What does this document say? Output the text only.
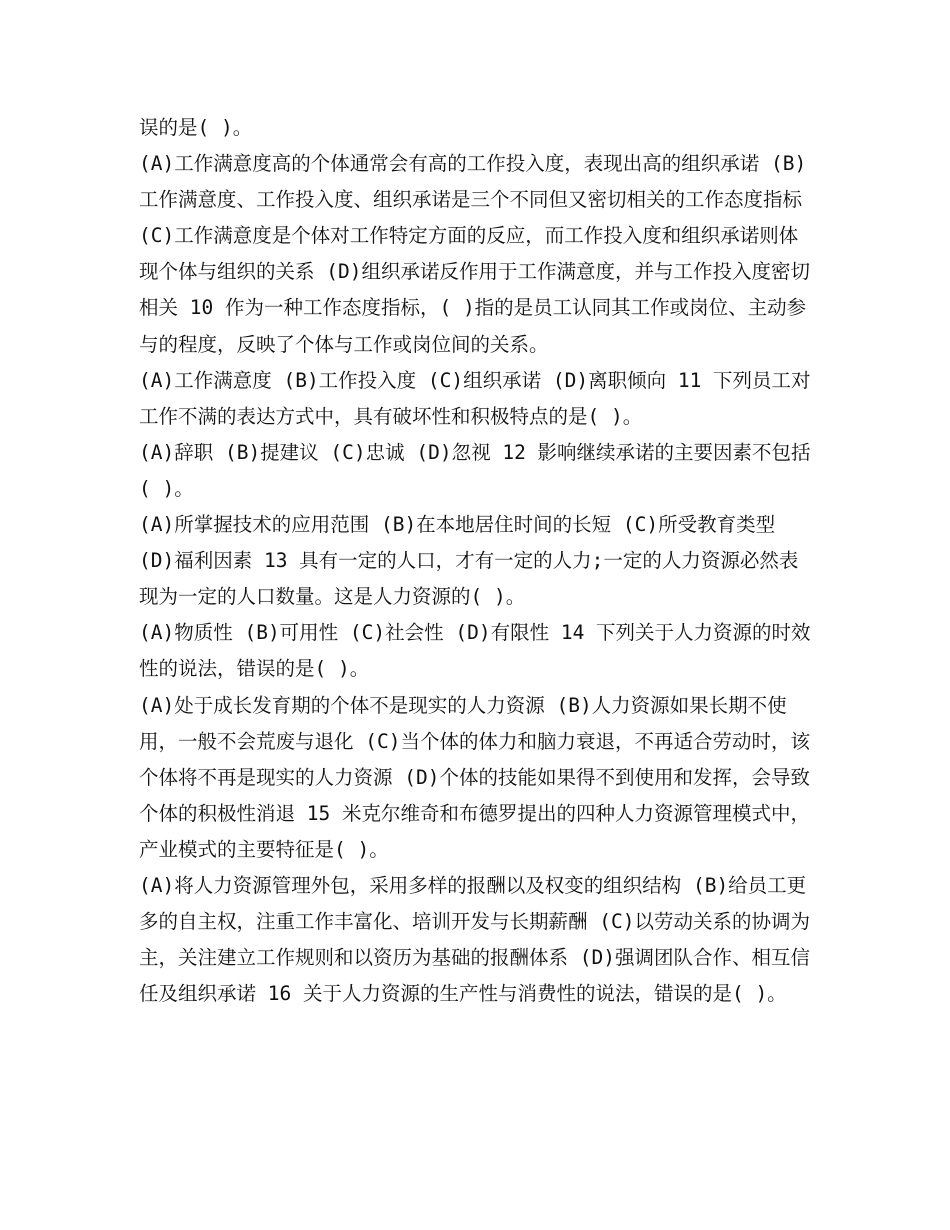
误的是( )。

(A)工作满意度高的个体通常会有高的工作投入度，表现出高的组织承诺 (B)工作满意度、工作投入度、组织承诺是三个不同但又密切相关的工作态度指标 (C)工作满意度是个体对工作特定方面的反应，而工作投入度和组织承诺则体现个体与组织的关系 (D)组织承诺反作用于工作满意度，并与工作投入度密切相关 10 作为一种工作态度指标，( )指的是员工认同其工作或岗位、主动参与的程度，反映了个体与工作或岗位间的关系。

(A)工作满意度 (B)工作投入度 (C)组织承诺 (D)离职倾向 11 下列员工对工作不满的表达方式中，具有破坏性和积极特点的是( )。

(A)辞职 (B)提建议 (C)忠诚 (D)忽视 12 影响继续承诺的主要因素不包括( )。

(A)所掌握技术的应用范围 (B)在本地居住时间的长短 (C)所受教育类型 (D)福利因素 13 具有一定的人口，才有一定的人力;一定的人力资源必然表现为一定的人口数量。这是人力资源的( )。

(A)物质性 (B)可用性 (C)社会性 (D)有限性 14 下列关于人力资源的时效性的说法，错误的是( )。

(A)处于成长发育期的个体不是现实的人力资源 (B)人力资源如果长期不使用，一般不会荒废与退化 (C)当个体的体力和脑力衰退，不再适合劳动时，该个体将不再是现实的人力资源 (D)个体的技能如果得不到使用和发挥，会导致个体的积极性消退 15 米克尔维奇和布德罗提出的四种人力资源管理模式中，产业模式的主要特征是( )。

(A)将人力资源管理外包，采用多样的报酬以及权变的组织结构 (B)给员工更多的自主权，注重工作丰富化、培训开发与长期薪酬 (C)以劳动关系的协调为主，关注建立工作规则和以资历为基础的报酬体系 (D)强调团队合作、相互信任及组织承诺 16 关于人力资源的生产性与消费性的说法，错误的是( )。
